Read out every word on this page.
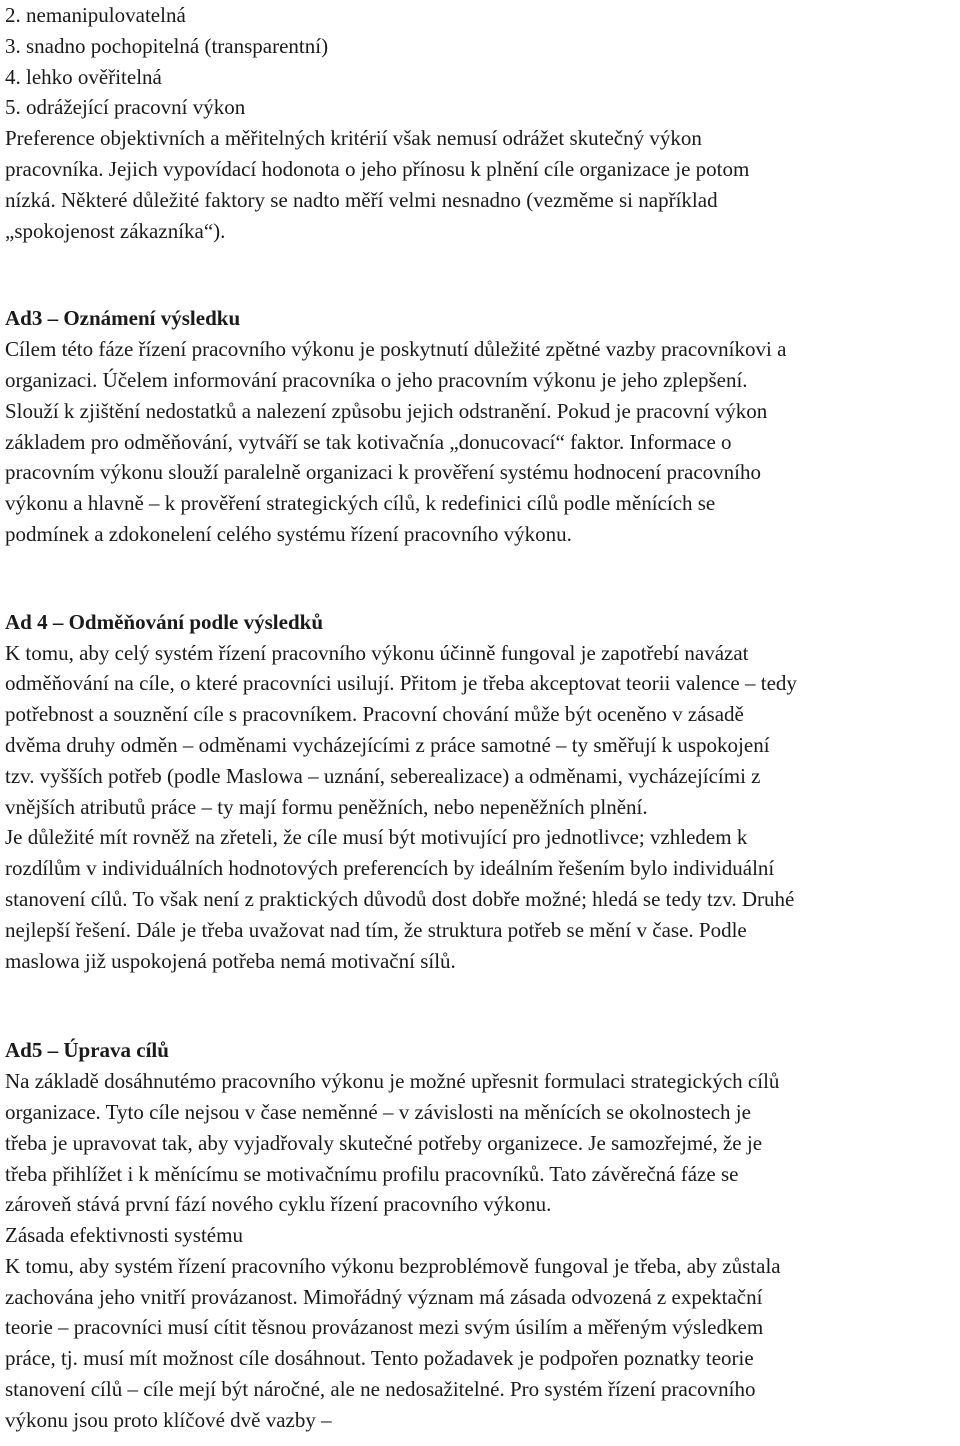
2. nemanipulovatelná
3. snadno pochopitelná (transparentní)
4. lehko ověřitelná
5. odrážející pracovní výkon
Preference objektivních a měřitelných kritérií však nemusí odrážet skutečný výkon
pracovníka. Jejich vypovídací hodonota o jeho přínosu k plnění cíle organizace je potom
nízká. Některé důležité faktory se nadto měří velmi nesnadno (vezměme si například
„spokojenost zákazníka“).
Ad3 – Oznámení výsledku
Cílem této fáze řízení pracovního výkonu je poskytnutí důležité zpětné vazby pracovníkovi a
organizaci. Účelem informování pracovníka o jeho pracovním výkonu je jeho zplepšení.
Slouží k zjištění nedostatků a nalezení způsobu jejich odstranění. Pokud je pracovní výkon
základem pro odměňování, vytváří se tak kotivačnía „donucovací“ faktor. Informace o
pracovním výkonu slouží paralelně organizaci k prověření systému hodnocení pracovního
výkonu a hlavně – k prověření strategických cílů, k redefinici cílů podle měnících se
podmínek a zdokonelení celého systému řízení pracovního výkonu.
Ad 4 – Odměňování podle výsledků
K tomu, aby celý systém řízení pracovního výkonu účinně fungoval je zapotřebí navázat
odměňování na cíle, o které pracovníci usilují. Přitom je třeba akceptovat teorii valence – tedy
potřebnost a souznění cíle s pracovníkem. Pracovní chování může být oceněno v zásadě
dvěma druhy odměn – odměnami vycházejícími z práce samotné – ty směřují k uspokojení
tzv. vyšších potřeb (podle Maslowa – uznání, seberealizace) a odměnami, vycházejícími z
vnějších atributů práce – ty mají formu peněžních, nebo nepeněžních plnění.
Je důležité mít rovněž na zřeteli, že cíle musí být motivující pro jednotlivce; vzhledem k
rozdílům v individuálních hodnotových preferencích by ideálním řešením bylo individuální
stanovení cílů. To však není z praktických důvodů dost dobře možné; hledá se tedy tzv. Druhé
nejlepší řešení. Dále je třeba uvažovat nad tím, že struktura potřeb se mění v čase. Podle
maslowa již uspokojená potřeba nemá motivační sílů.
Ad5 – Úprava cílů
Na základě dosáhnutémo pracovního výkonu je možné upřesnit formulaci strategických cílů
organizace. Tyto cíle nejsou v čase neměnné – v závislosti na měnících se okolnostech je
třeba je upravovat tak, aby vyjadřovaly skutečné potřeby organizece. Je samozřejmé, že je
třeba přihlížet i k měnícímu se motivačnímu profilu pracovníků. Tato závěrečná fáze se
zároveň stává první fází nového cyklu řízení pracovního výkonu.
Zásada efektivnosti systému
K tomu, aby systém řízení pracovního výkonu bezproblémově fungoval je třeba, aby zůstala
zachována jeho vnitří provázanost. Mimořádný význam má zásada odvozená z expektační
teorie – pracovníci musí cítit těsnou provázanost mezi svým úsilím a měřeným výsledkem
práce, tj. musí mít možnost cíle dosáhnout. Tento požadavek je podpořen poznatky teorie
stanovení cílů – cíle mejí být náročné, ale ne nedosažitelné. Pro systém řízení pracovního
výkonu jsou proto klíčové dvě vazby –
